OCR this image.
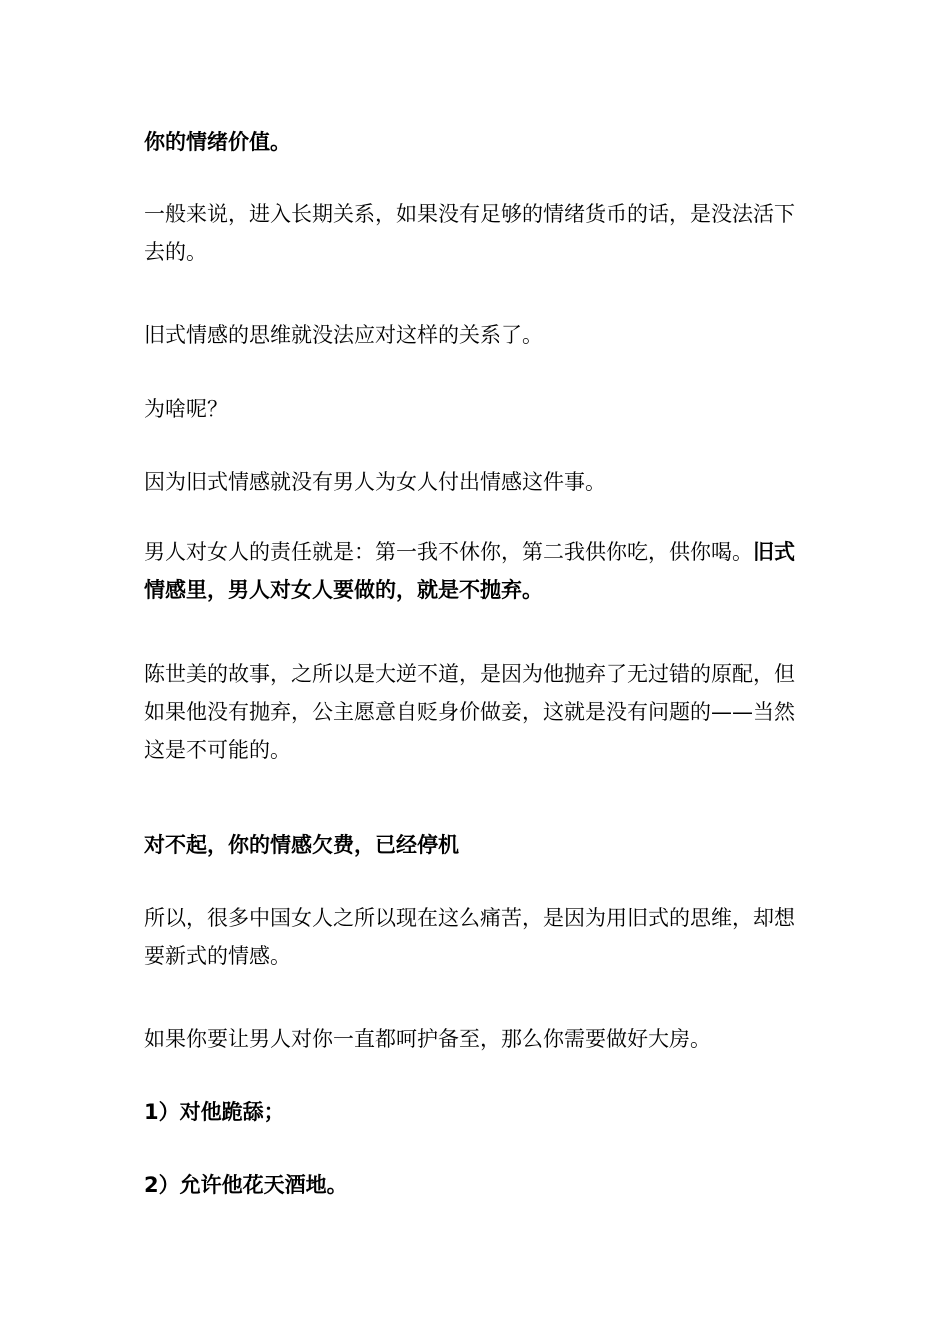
你的情绪价值。

一般来说，进入长期关系，如果没有足够的情绪货币的话，是没法活下去的。

旧式情感的思维就没法应对这样的关系了。

为啥呢？

因为旧式情感就没有男人为女人付出情感这件事。

男人对女人的责任就是：第一我不休你，第二我供你吃，供你喝。旧式情感里，男人对女人要做的，就是不抛弃。

陈世美的故事，之所以是大逆不道，是因为他抛弃了无过错的原配，但如果他没有抛弃，公主愿意自贬身价做妾，这就是没有问题的——当然这是不可能的。

对不起，你的情感欠费，已经停机

所以，很多中国女人之所以现在这么痛苦，是因为用旧式的思维，却想要新式的情感。

如果你要让男人对你一直都呵护备至，那么你需要做好大房。

1）对他跪舔；

2）允许他花天酒地。
